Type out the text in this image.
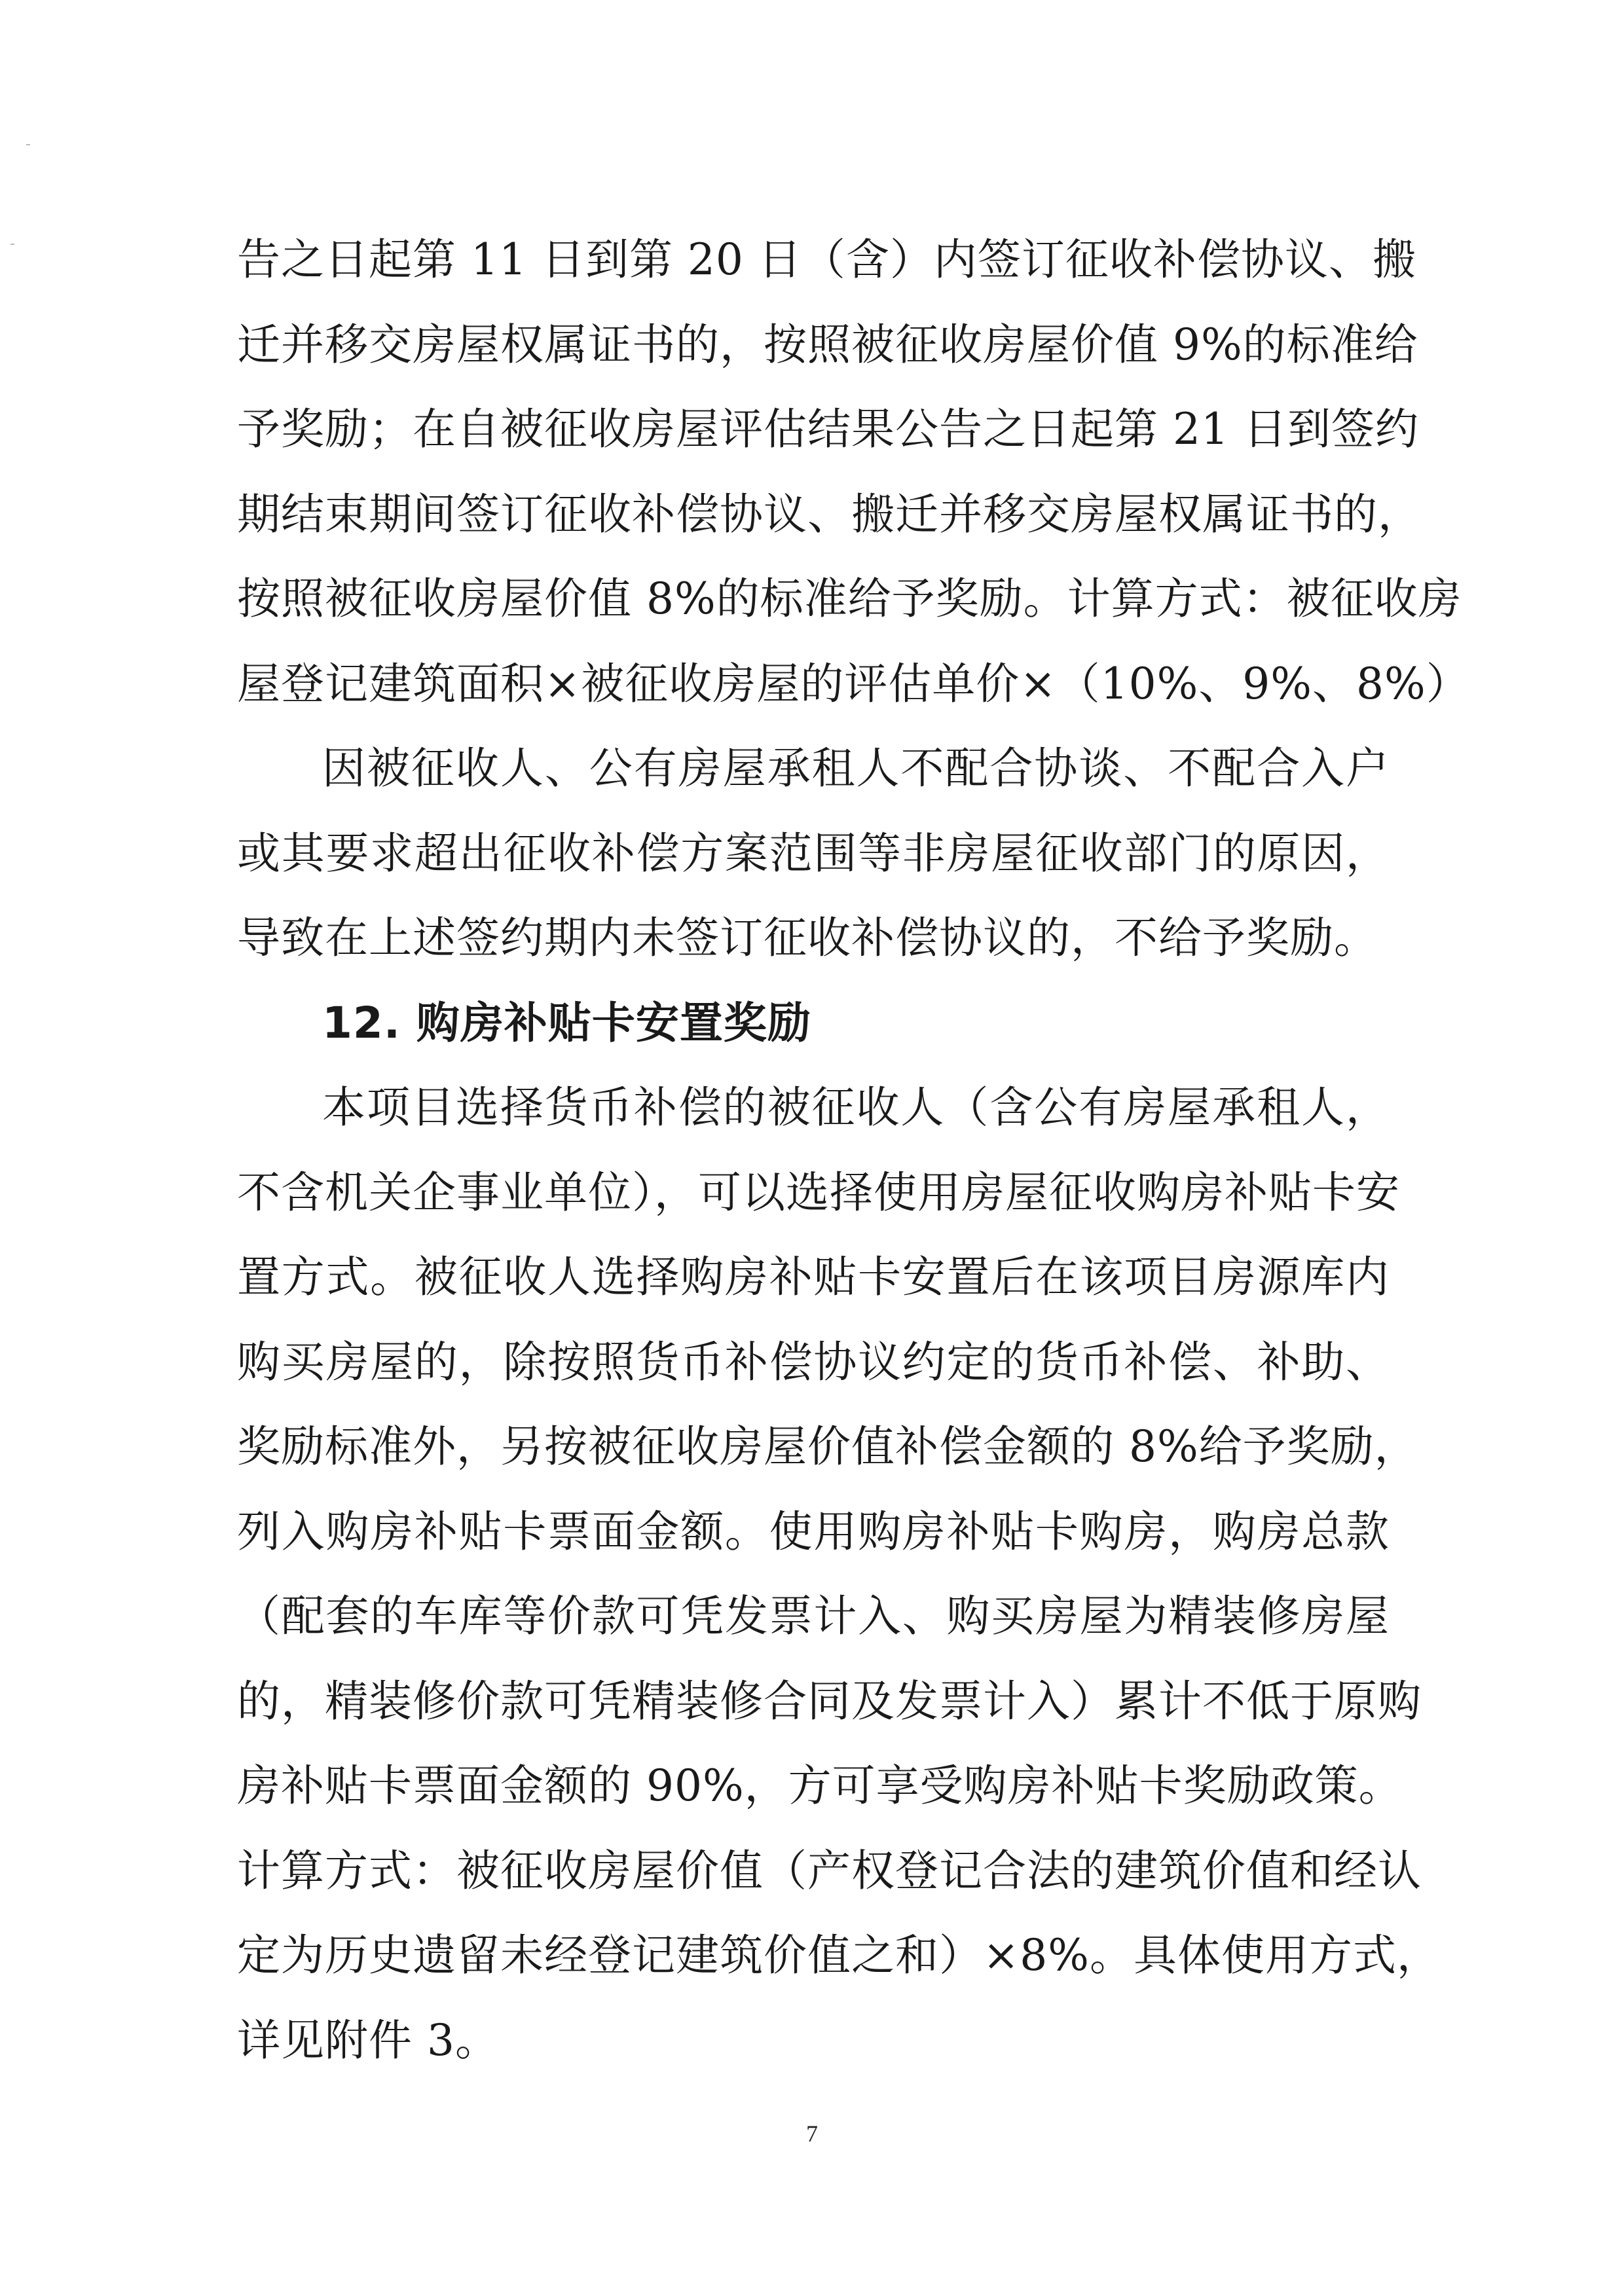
告之日起第 11 日到第 20 日（含）内签订征收补偿协议、搬
迁并移交房屋权属证书的，按照被征收房屋价值 9%的标准给
予奖励；在自被征收房屋评估结果公告之日起第 21 日到签约
期结束期间签订征收补偿协议、搬迁并移交房屋权属证书的，
按照被征收房屋价值 8%的标准给予奖励。计算方式：被征收房
屋登记建筑面积×被征收房屋的评估单价×（10%、9%、8%）
因被征收人、公有房屋承租人不配合协谈、不配合入户
或其要求超出征收补偿方案范围等非房屋征收部门的原因，
导致在上述签约期内未签订征收补偿协议的，不给予奖励。
12. 购房补贴卡安置奖励
本项目选择货币补偿的被征收人（含公有房屋承租人，
不含机关企事业单位），可以选择使用房屋征收购房补贴卡安
置方式。被征收人选择购房补贴卡安置后在该项目房源库内
购买房屋的，除按照货币补偿协议约定的货币补偿、补助、
奖励标准外，另按被征收房屋价值补偿金额的 8%给予奖励，
列入购房补贴卡票面金额。使用购房补贴卡购房，购房总款
（配套的车库等价款可凭发票计入、购买房屋为精装修房屋
的，精装修价款可凭精装修合同及发票计入）累计不低于原购
房补贴卡票面金额的 90%，方可享受购房补贴卡奖励政策。
计算方式：被征收房屋价值（产权登记合法的建筑价值和经认
定为历史遗留未经登记建筑价值之和）×8%。具体使用方式，
详见附件 3。
7
